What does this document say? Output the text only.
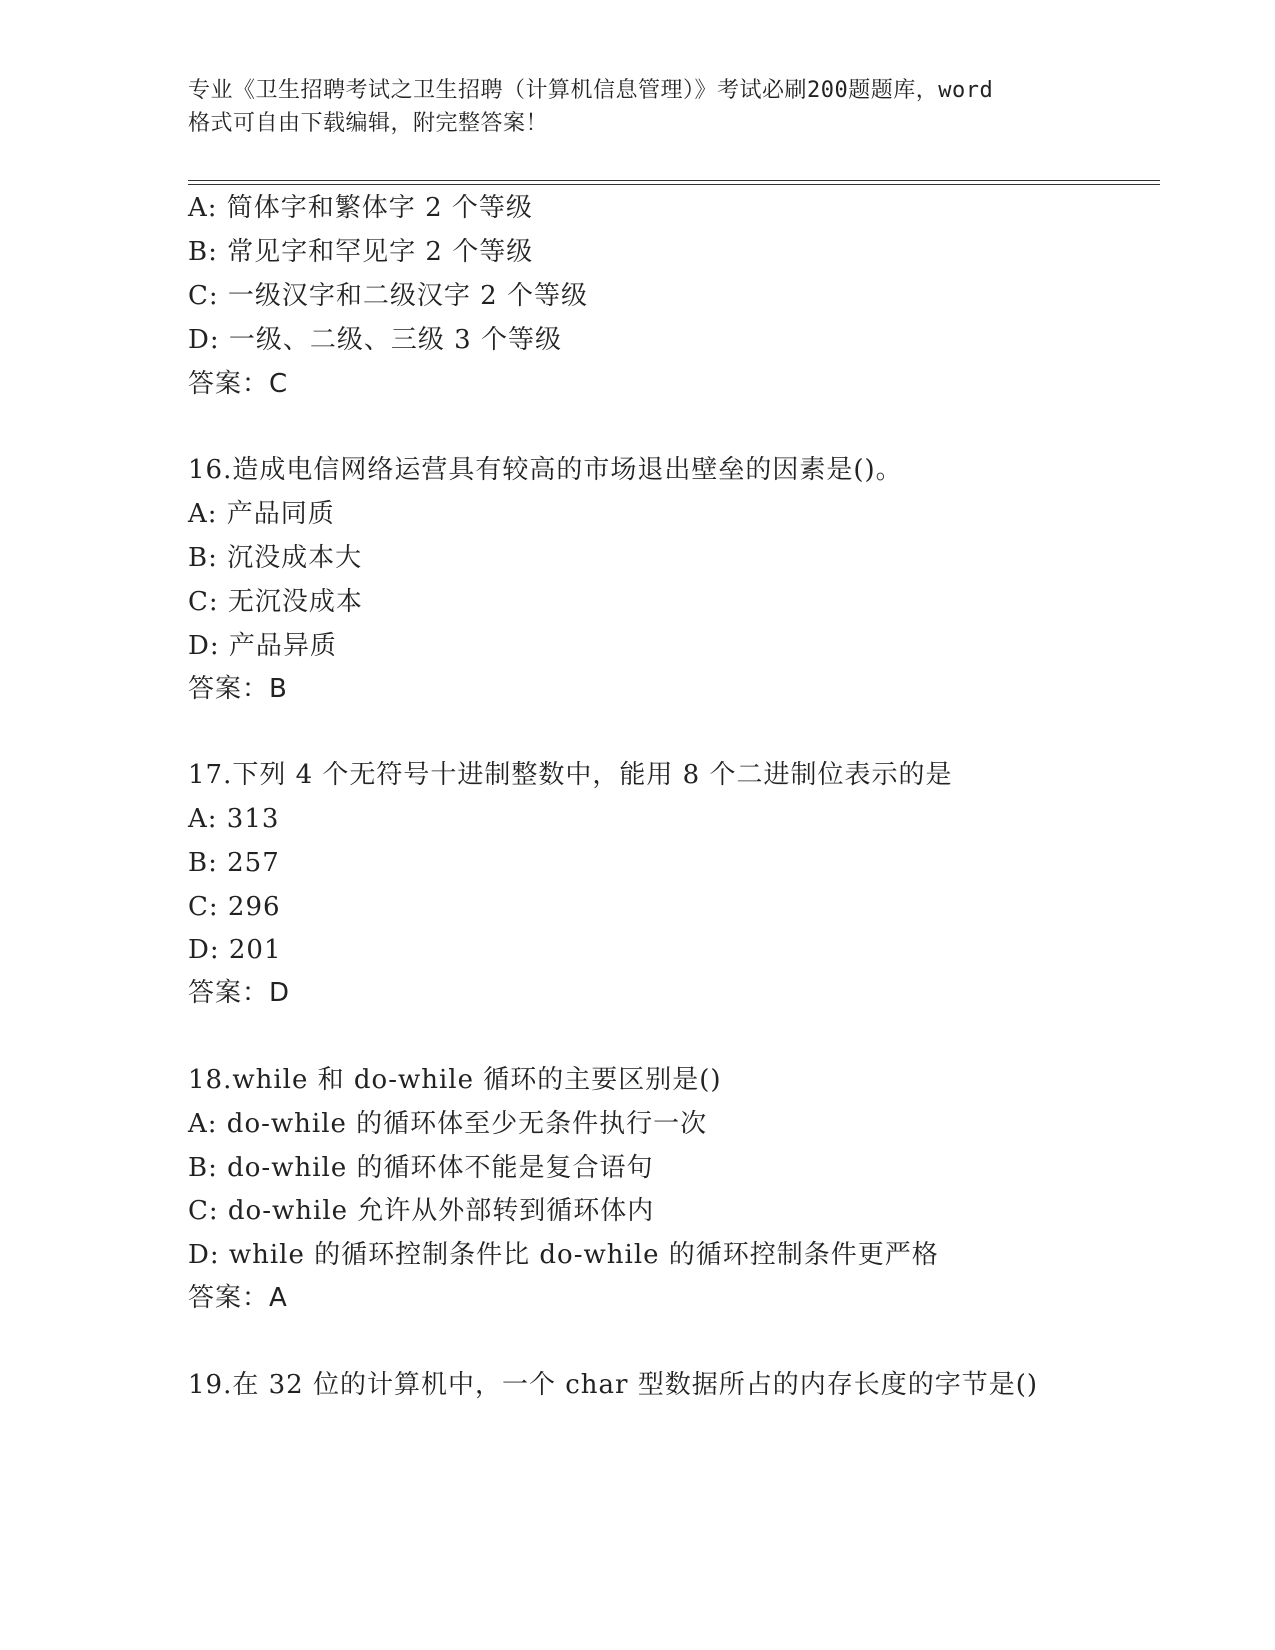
专业《卫生招聘考试之卫生招聘（计算机信息管理）》考试必刷200题题库，word
格式可自由下载编辑，附完整答案！
A: 简体字和繁体字 2 个等级
B: 常见字和罕见字 2 个等级
C: 一级汉字和二级汉字 2 个等级
D: 一级、二级、三级 3 个等级
答案：C
16.造成电信网络运营具有较高的市场退出壁垒的因素是()。
A: 产品同质
B: 沉没成本大
C: 无沉没成本
D: 产品异质
答案：B
17.下列 4 个无符号十进制整数中，能用 8 个二进制位表示的是
A: 313
B: 257
C: 296
D: 201
答案：D
18.while 和 do-while 循环的主要区别是()
A: do-while 的循环体至少无条件执行一次
B: do-while 的循环体不能是复合语句
C: do-while 允许从外部转到循环体内
D: while 的循环控制条件比 do-while 的循环控制条件更严格
答案：A
19.在 32 位的计算机中，一个 char 型数据所占的内存长度的字节是()
